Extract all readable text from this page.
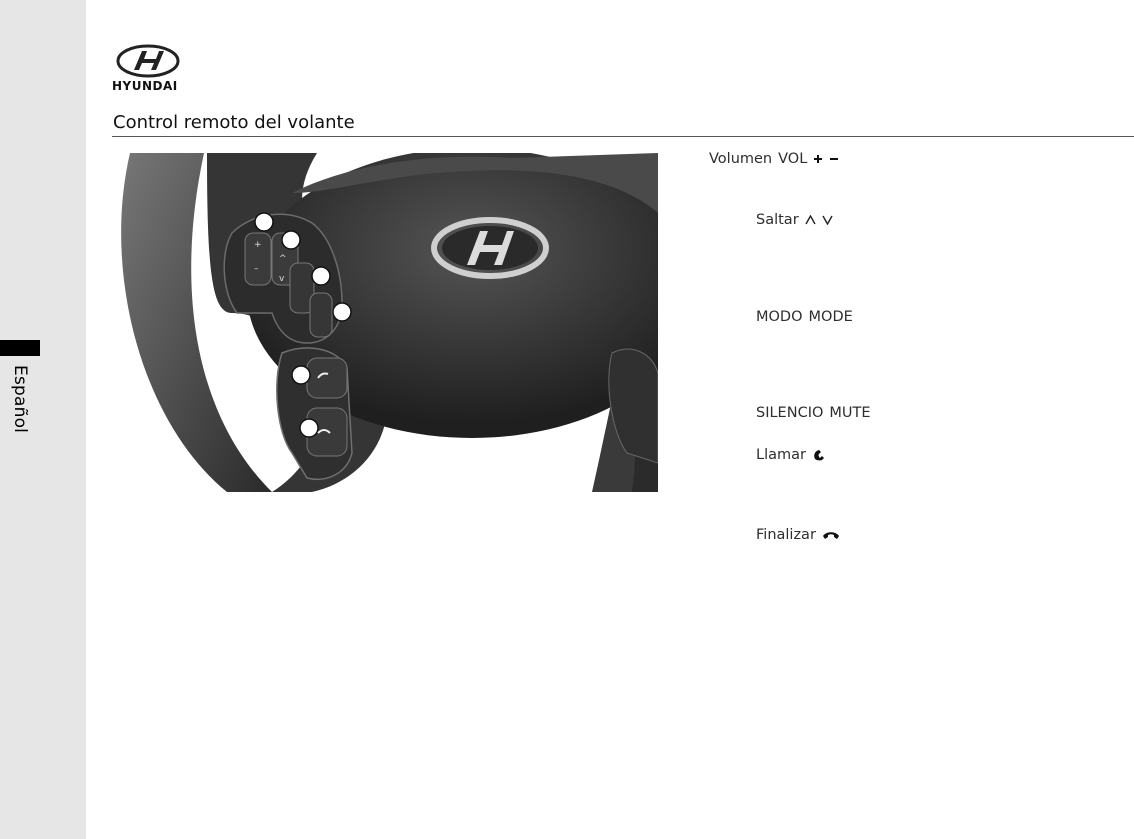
Español
HYUNDAI
Control remoto del volante
+
–
^
v
Volumen VOL
Saltar
MODO MODE
SILENCIO MUTE
Llamar
Finalizar
